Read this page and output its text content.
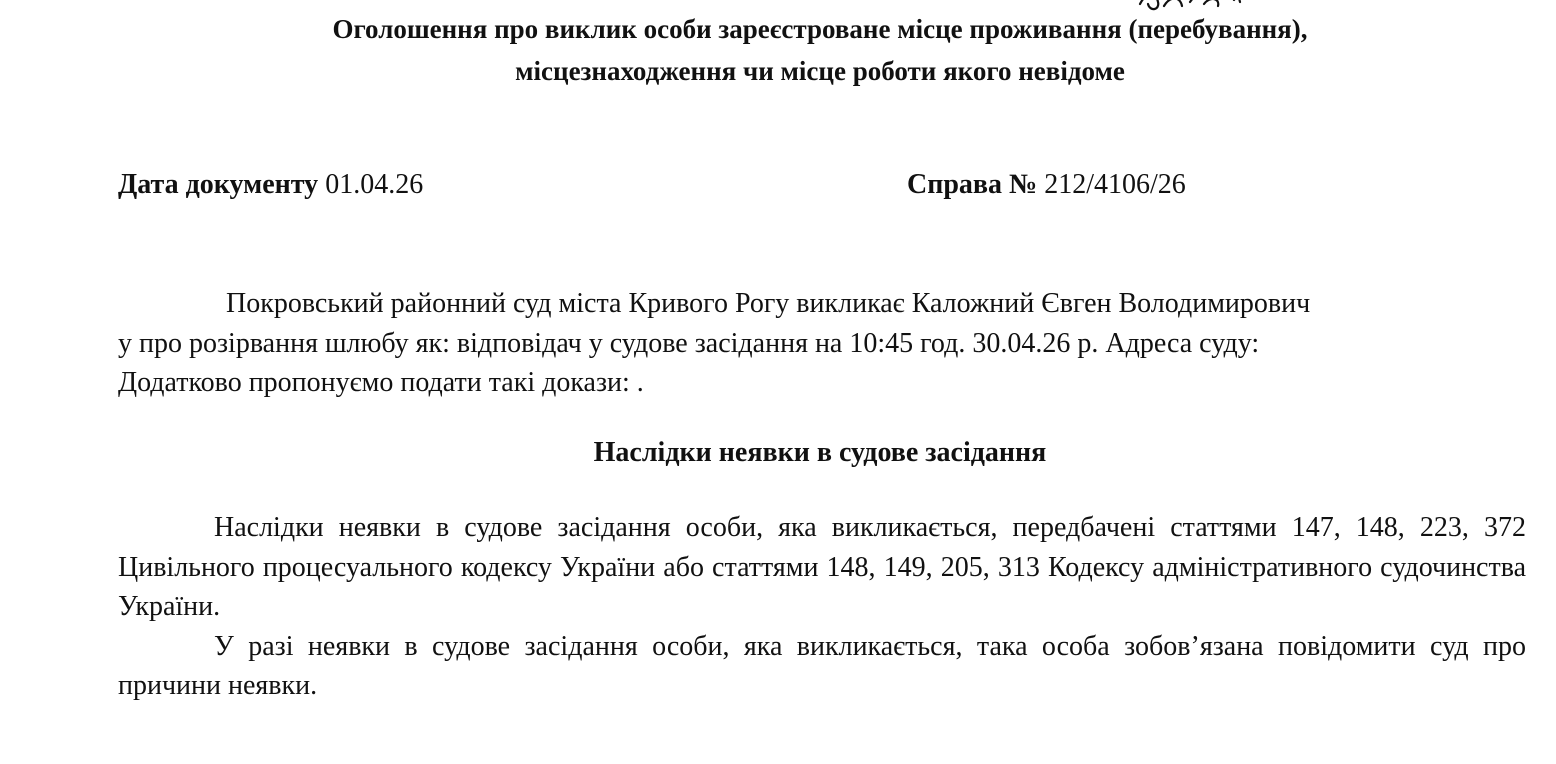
Оголошення про виклик особи зареєстроване місце проживання (перебування),
місцезнаходження чи місце роботи якого невідоме
Дата документу 01.04.26	Справа № 212/4106/26
Покровський районний суд міста Кривого Рогу викликає Каложний Євген Володимирович
у про розірвання шлюбу як: відповідач у судове засідання на 10:45 год. 30.04.26 р. Адреса суду:
Додатково пропонуємо подати такі докази: .
Наслідки неявки в судове засідання

Наслідки неявки в судове засідання особи, яка викликається, передбачені статтями 147, 148, 223, 372 Цивільного процесуального кодексу України або статтями 148, 149, 205, 313 Кодексу адміністративного судочинства України.

У разі неявки в судове засідання особи, яка викликається, така особа зобов’язана повідомити суд про причини неявки.
